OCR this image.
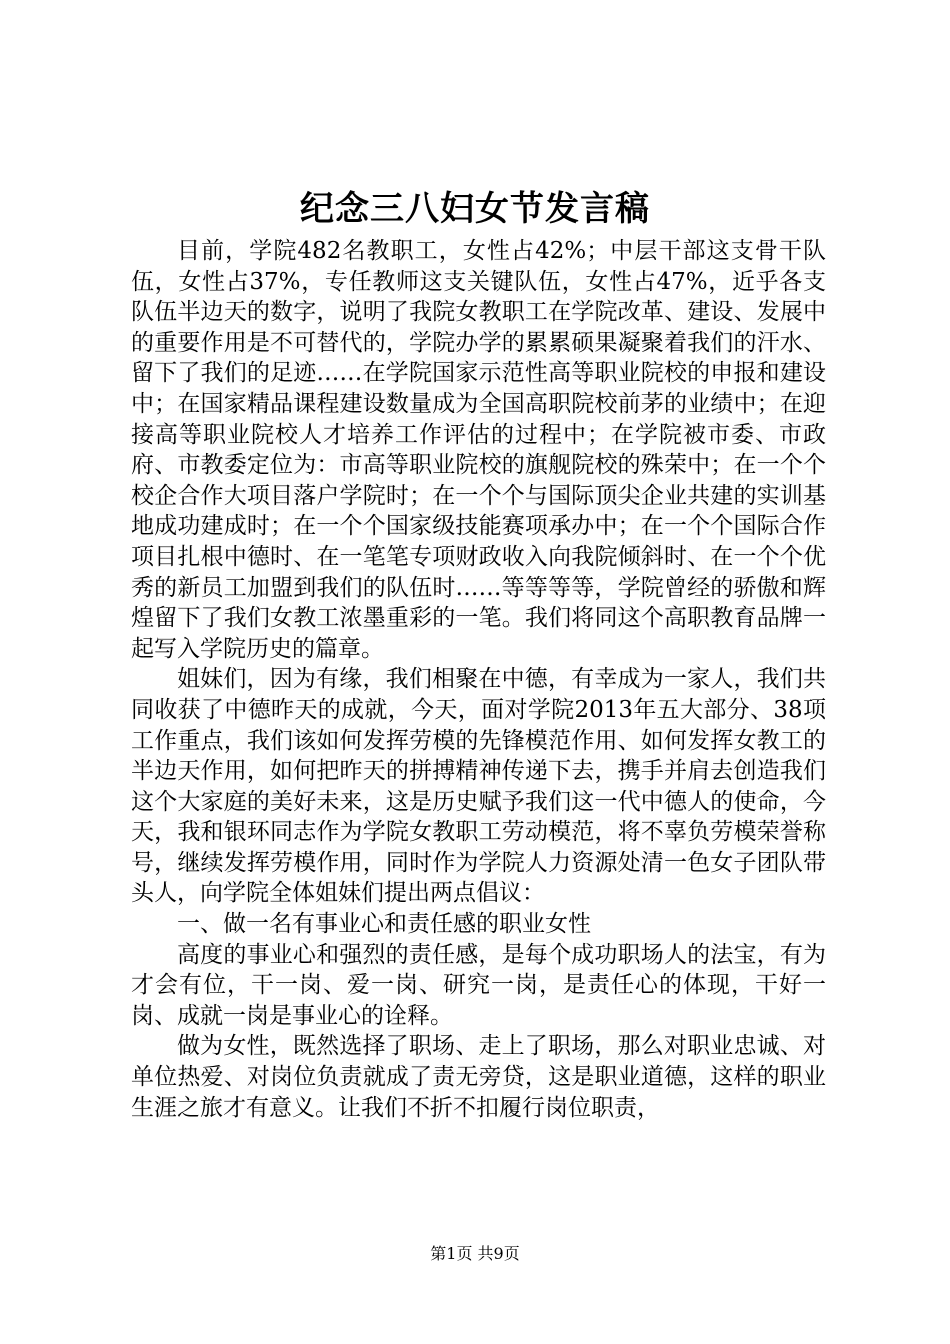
纪念三八妇女节发言稿

目前，学院482名教职工，女性占42%；中层干部这支骨干队伍，女性占37%，专任教师这支关键队伍，女性占47%，近乎各支队伍半边天的数字，说明了我院女教职工在学院改革、建设、发展中的重要作用是不可替代的，学院办学的累累硕果凝聚着我们的汗水、留下了我们的足迹……在学院国家示范性高等职业院校的申报和建设中；在国家精品课程建设数量成为全国高职院校前茅的业绩中；在迎接高等职业院校人才培养工作评估的过程中；在学院被市委、市政府、市教委定位为：市高等职业院校的旗舰院校的殊荣中；在一个个校企合作大项目落户学院时；在一个个与国际顶尖企业共建的实训基地成功建成时；在一个个国家级技能赛项承办中；在一个个国际合作项目扎根中德时、在一笔笔专项财政收入向我院倾斜时、在一个个优秀的新员工加盟到我们的队伍时……等等等等，学院曾经的骄傲和辉煌留下了我们女教工浓墨重彩的一笔。我们将同这个高职教育品牌一起写入学院历史的篇章。

姐妹们，因为有缘，我们相聚在中德，有幸成为一家人，我们共同收获了中德昨天的成就，今天，面对学院2013年五大部分、38项工作重点，我们该如何发挥劳模的先锋模范作用、如何发挥女教工的半边天作用，如何把昨天的拼搏精神传递下去，携手并肩去创造我们这个大家庭的美好未来，这是历史赋予我们这一代中德人的使命，今天，我和银环同志作为学院女教职工劳动模范，将不辜负劳模荣誉称号，继续发挥劳模作用，同时作为学院人力资源处清一色女子团队带头人，向学院全体姐妹们提出两点倡议：

一、做一名有事业心和责任感的职业女性

高度的事业心和强烈的责任感，是每个成功职场人的法宝，有为才会有位，干一岗、爱一岗、研究一岗，是责任心的体现，干好一岗、成就一岗是事业心的诠释。

做为女性，既然选择了职场、走上了职场，那么对职业忠诚、对单位热爱、对岗位负责就成了责无旁贷，这是职业道德，这样的职业生涯之旅才有意义。让我们不折不扣履行岗位职责，

第1页 共9页
